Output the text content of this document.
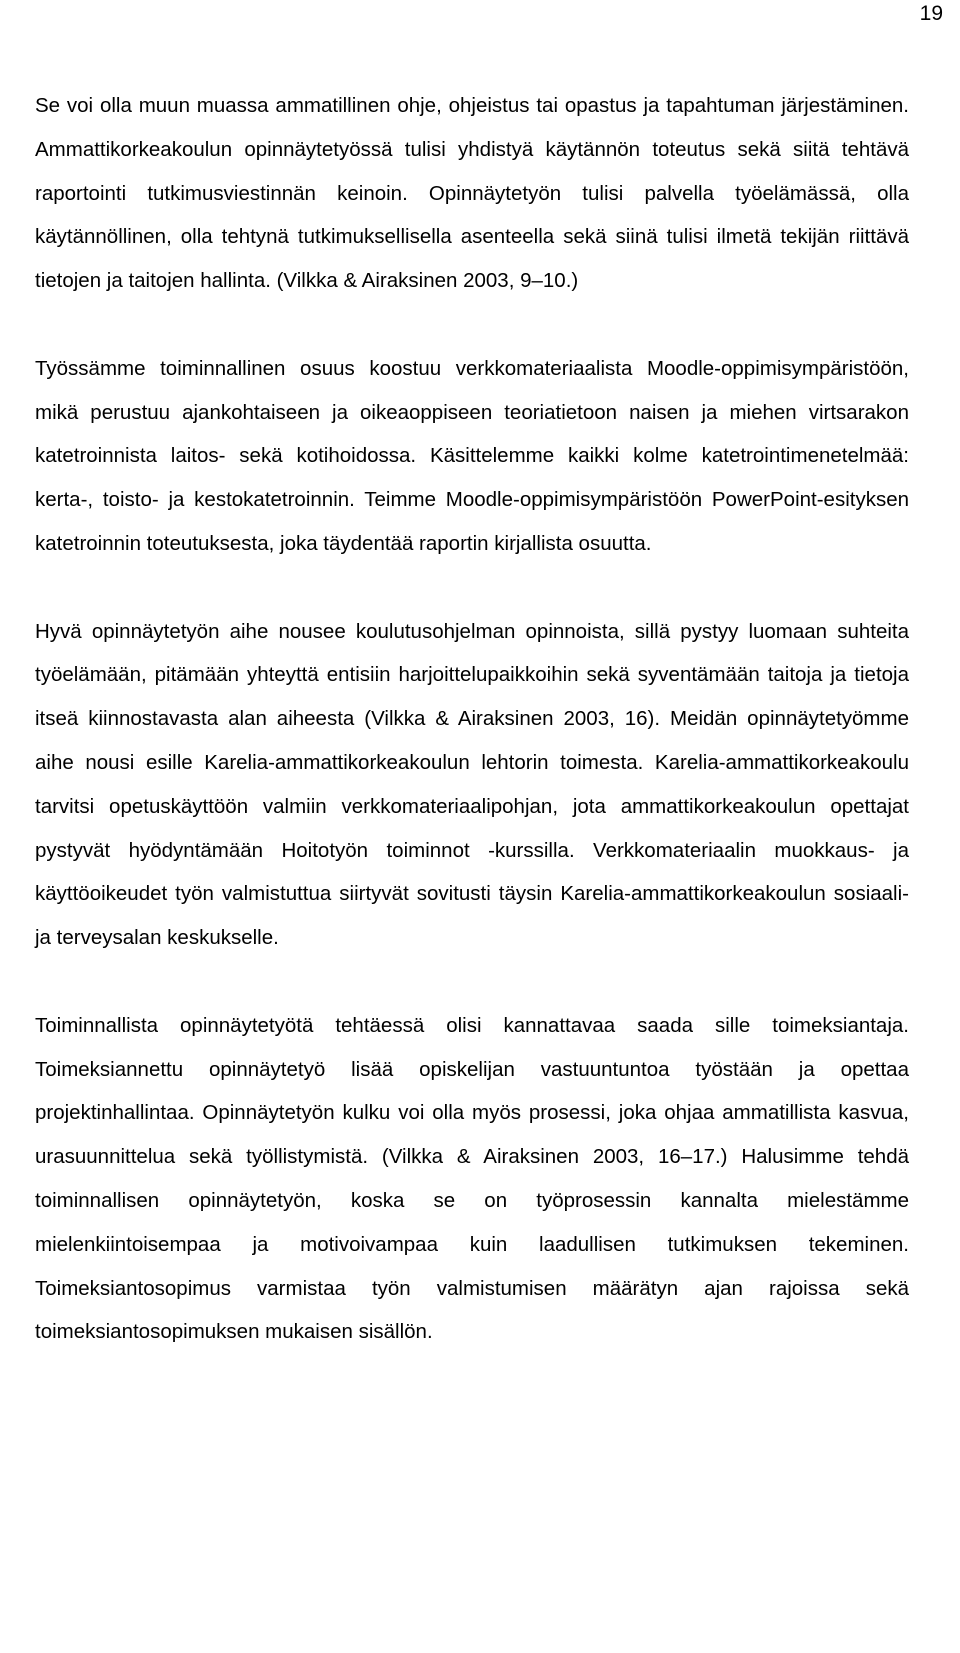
19

Se voi olla muun muassa ammatillinen ohje, ohjeistus tai opastus ja tapahtuman järjestäminen. Ammattikorkeakoulun opinnäytetyössä tulisi yhdistyä käytännön toteutus sekä siitä tehtävä raportointi tutkimusviestinnän keinoin. Opinnäytetyön tulisi palvella työelämässä, olla käytännöllinen, olla tehtynä tutkimuksellisella asenteella sekä siinä tulisi ilmetä tekijän riittävä tietojen ja taitojen hallinta. (Vilkka & Airaksinen 2003, 9–10.)

Työssämme toiminnallinen osuus koostuu verkkomateriaalista Moodle-oppimisympäristöön, mikä perustuu ajankohtaiseen ja oikeaoppiseen teoriatietoon naisen ja miehen virtsarakon katetroinnista laitos- sekä kotihoidossa. Käsittelemme kaikki kolme katetrointimenetelmää: kerta-, toisto- ja kestokatetroinnin. Teimme Moodle-oppimisympäristöön PowerPoint-esityksen katetroinnin toteutuksesta, joka täydentää raportin kirjallista osuutta.

Hyvä opinnäytetyön aihe nousee koulutusohjelman opinnoista, sillä pystyy luomaan suhteita työelämään, pitämään yhteyttä entisiin harjoittelupaikkoihin sekä syventämään taitoja ja tietoja itseä kiinnostavasta alan aiheesta (Vilkka & Airaksinen 2003, 16). Meidän opinnäytetyömme aihe nousi esille Karelia-ammattikorkeakoulun lehtorin toimesta. Karelia-ammattikorkeakoulu tarvitsi opetuskäyttöön valmiin verkkomateriaalipohjan, jota ammattikorkeakoulun opettajat pystyvät hyödyntämään Hoitotyön toiminnot -kurssilla. Verkkomateriaalin muokkaus- ja käyttöoikeudet työn valmistuttua siirtyvät sovitusti täysin Karelia-ammattikorkeakoulun sosiaali- ja terveysalan keskukselle.

Toiminnallista opinnäytetyötä tehtäessä olisi kannattavaa saada sille toimeksiantaja. Toimeksiannettu opinnäytetyö lisää opiskelijan vastuuntuntoa työstään ja opettaa projektinhallintaa. Opinnäytetyön kulku voi olla myös prosessi, joka ohjaa ammatillista kasvua, urasuunnittelua sekä työllistymistä. (Vilkka & Airaksinen 2003, 16–17.) Halusimme tehdä toiminnallisen opinnäytetyön, koska se on työprosessin kannalta mielestämme mielenkiintoisempaa ja motivoivampaa kuin laadullisen tutkimuksen tekeminen. Toimeksiantosopimus varmistaa työn valmistumisen määrätyn ajan rajoissa sekä toimeksiantosopimuksen mukaisen sisällön.
